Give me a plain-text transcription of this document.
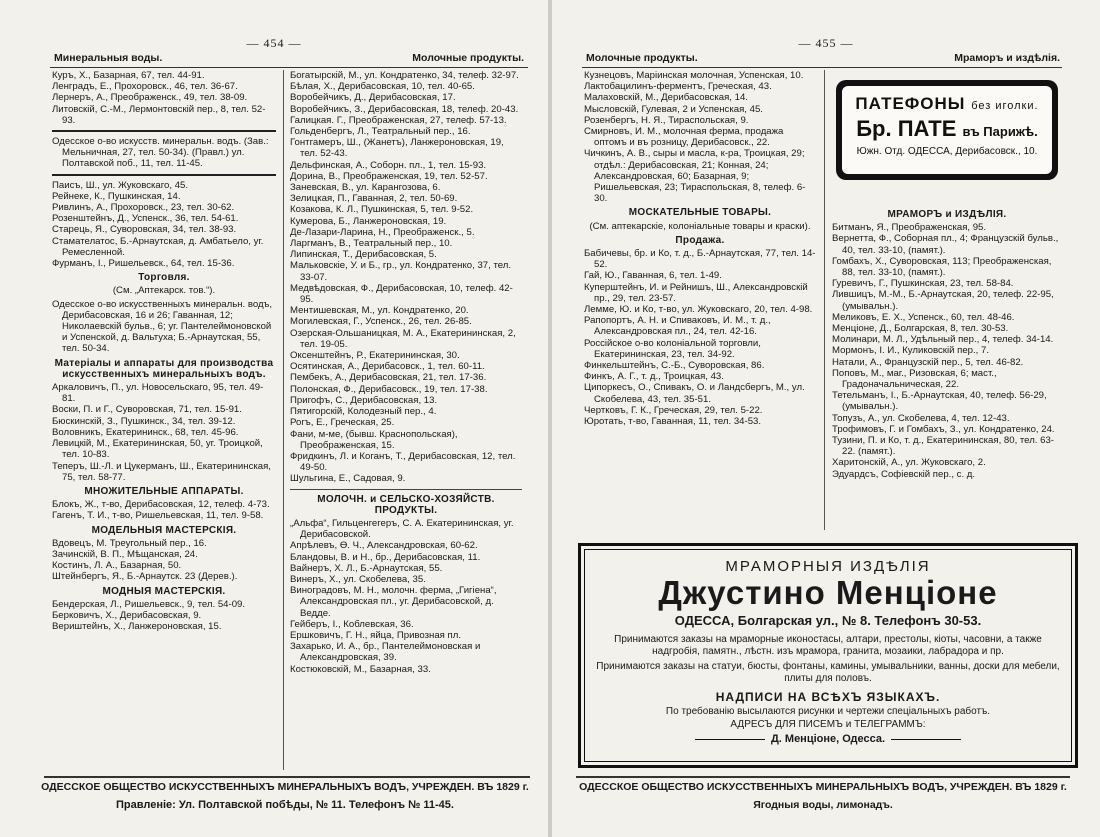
— 454 —
Минеральныя воды.	Молочные продукты.

Куръ, Х., Базарная, 67, тел. 44-91.

Ленградъ, Е., Прохоровск., 46, тел. 36-67.

Лернеръ, А., Преображенск., 49, тел. 38-09.

Литовскій, С.-М., Лермонтовскій пер., 8, тел. 52-93.

Одесское о-во искусств. минеральн. водъ. (Зав.: Мельничная, 27, тел. 50-34). (Правл.) ул. Полтавской поб., 11, тел. 11-45.

Паисъ, Ш., ул. Жуковскаго, 45.

Рейнеке, К., Пушкинская, 14.

Ривлинъ, А., Прохоровск., 23, тел. 30-62.

Розенштейнъ, Д., Успенск., 36, тел. 54-61.

Старець, Я., Суворовская, 34, тел. 38-93.

Стамателатос, Б.-Арнаутская, д. Амбатьело, уг. Ремесленной.

Фурманъ, І., Ришельевск., 64, тел. 15-36.

Торговля.

(См. „Аптекарск. тов.“).

Одесское о-во искусственныхъ минеральн. водъ, Дерибасовская, 16 и 26; Гаванная, 12; Николаевскій бульв., 6; уг. Пантелеймоновской и Успенской, д. Вальтуха; Б.-Арнаутская, 55, тел. 50-34.

Матеріалы и аппараты для производства искусственныхъ минеральныхъ водъ.

Аркаловичъ, П., ул. Новосельскаго, 95, тел. 49-81.

Воски, П. и Г., Суворовская, 71, тел. 15-91.

Бюскинскій, З., Пушкинск., 34, тел. 39-12.

Воловникъ, Екатерининск., 68, тел. 45-96.

Левицкій, М., Екатерининская, 50, уг. Троицкой, тел. 10-83.

Теперъ, Ш.-Л. и Цукерманъ, Ш., Екатерининская, 75, тел. 58-77.

МНОЖИТЕЛЬНЫЕ АППАРАТЫ.

Блокъ, Ж., т-во, Дерибасовская, 12, телеф. 4-73.

Гагенъ, Т. И., т-во, Ришельевская, 11, тел. 9-58.

МОДЕЛЬНЫЯ МАСТЕРСКІЯ.

Вдовецъ, М. Треугольный пер., 16.

Зачинскій, В. П., Мѣщанская, 24.

Костинъ, Л. А., Базарная, 50.

Штейнбергъ, Я., Б.-Арнаутск. 23 (Дерев.).

МОДНЫЯ МАСТЕРСКІЯ.

Бендерская, Л., Ришельевск., 9, тел. 54-09.

Берковичъ, Х., Дерибасовская, 9.

Вериштейнъ, Х., Ланжероновская, 15.

Богатырскій, М., ул. Кондратенко, 34, телеф. 32-97.

Бѣлая, Х., Дерибасовская, 10, тел. 40-65.

Воробейчикъ, Д., Дерибасовская, 17.

Воробейчикъ, З., Дерибасовская, 18, телеф. 20-43.

Галицкая. Г., Преображенская, 27, телеф. 57-13.

Гольденбергъ, Л., Театральный пер., 16.

Гонтгамеръ, Ш., (Жанетъ), Ланжероновская, 19, тел. 52-43.

Дельфинская, А., Соборн. пл., 1, тел. 15-93.

Дорина, В., Преображенская, 19, тел. 52-57.

Заневская, В., ул. Карангозова, 6.

Зелицкая, П., Гаванная, 2, тел. 50-69.

Козакова, К. Л., Пушкинская, 5, тел. 9-52.

Кумерова, Б., Ланжероновская, 19.

Де-Лазари-Ларина, Н., Преображенск., 5.

Ларгманъ, В., Театральный пер., 10.

Липинская, Т., Дерибасовская, 5.

Мальковскіе, У. и Б., гр., ул. Кондратенко, 37, тел. 33-07.

Медвѣдовская, Ф., Дерибасовская, 10, телеф. 42-95.

Ментишевская, М., ул. Кондратенко, 20.

Могилевская, Г., Успенск., 26, тел. 26-85.

Озерская-Ольшаницкая, М. А., Екатерининская, 2, тел. 19-05.

Оксенштейнъ, Р., Екатерининская, 30.

Осятинская, А., Дерибасовск., 1, тел. 60-11.

Пембекъ, А., Дерибасовская, 21, тел. 17-36.

Полонская, Ф., Дерибасовск., 19, тел. 17-38.

Пригофъ, С., Дерибасовская, 13.

Пятигорскій, Колодезный пер., 4.

Рогъ, Е., Греческая, 25.

Фани, м-ме, (бывш. Краснопольская), Преображенская, 15.

Фридкинъ, Л. и Коганъ, Т., Дерибасовская, 12, тел. 49-50.

Шульгина, Е., Садовая, 9.

МОЛОЧН. и СЕЛЬСКО-ХОЗЯЙСТВ. ПРОДУКТЫ.

„Альфа“, Гильценгегеръ, С. А. Екатерининская, уг. Дерибасовской.

Апрѣлевъ, Ѳ. Ч., Александровская, 60-62.

Бландовы, В. и Н., бр., Дерибасовская, 11.

Вайнеръ, Х. Л., Б.-Арнаутская, 55.

Винеръ, Х., ул. Скобелева, 35.

Виноградовъ, М. Н., молочн. ферма, „Гигіена“, Александровская пл., уг. Дерибасовской, д. Ведде.

Гейберъ, І., Коблевская, 36.

Ершковичъ, Г. Н., яйца, Привозная пл.

Захарько, И. А., бр., Пантелеймоновская и Александровская, 39.

Костюковскій, М., Базарная, 33.

ОДЕССКОЕ ОБЩЕСТВО ИСКУССТВЕННЫХЪ МИНЕРАЛЬНЫХЪ ВОДЪ, УЧРЕЖДЕН. ВЪ 1829 г.
Правленіе: Ул. Полтавской побѣды, № 11. Телефонъ № 11-45.
— 455 —
Молочные продукты.	Мраморъ и издѣлія.

Кузнецовъ, Маріинская молочная, Успенская, 10.

Лактобацилинъ-ферментъ, Греческая, 43.

Малаховскій, М., Дерибасовская, 14.

Мысловскій, Гулевая, 2 и Успенская, 45.

Розенбергъ, Н. Я., Тираспольская, 9.

Смирновъ, И. М., молочная ферма, продажа оптомъ и въ розницу, Дерибасовск., 22.

Чичкинъ, А. В., сыры и масла, к-ра, Троицкая, 29; отдѣл.: Дерибасовская, 21; Конная, 24; Александровская, 60; Базарная, 9; Ришельевская, 23; Тираспольская, 8, телеф. 6-30.

МОСКАТЕЛЬНЫЕ ТОВАРЫ.

(См. аптекарскіе, колоніальные товары и краски).

Продажа.

Бабичевы, бр. и Ко, т. д., Б.-Арнаутская, 77, тел. 14-52.

Гай, Ю., Гаванная, 6, тел. 1-49.

Куперштейнъ, И. и Рейнишъ, Ш., Александровскій пр., 29, тел. 23-57.

Лемме, Ю. и Ко, т-во, ул. Жуковскаго, 20, тел. 4-98.

Рапопортъ, А. Н. и Спиваковъ, И. М., т. д., Александровская пл., 24, тел. 42-16.

Россійское о-во колоніальной торговли, Екатерининская, 23, тел. 34-92.

Финкельштейнъ, С.-Б., Суворовская, 86.

Финкъ, А. Г., т. д., Троицкая, 43.

Ципоркесъ, О., Спивакъ, О. и Ландсбергъ, М., ул. Скобелева, 43, тел. 35-51.

Чертковъ, Г. К., Греческая, 29, тел. 5-22.

Юротать, т-во, Гаванная, 11, тел. 34-53.

ПАТЕФОНЫ без иголки.
Бр. ПАТЕ въ Парижѣ.
Южн. Отд. ОДЕССА, Дерибасовск., 10.
МРАМОРЪ и ИЗДѢЛІЯ.

Битманъ, Я., Преображенская, 95.

Вернетта, Ф., Соборная пл., 4; Французскій бульв., 40, тел. 33-10, (памят.).

Гомбахъ, Х., Суворовская, 113; Преображенская, 88, тел. 33-10, (памят.).

Гуревичъ, Г., Пушкинская, 23, тел. 58-84.

Лившицъ, М.-М., Б.-Арнаутская, 20, телеф. 22-95, (умывальн.).

Меликовъ, Е. Х., Успенск., 60, тел. 48-46.

Менціоне, Д., Болгарская, 8, тел. 30-53.

Молинари, М. Л., Удѣльный пер., 4, телеф. 34-14.

Мормонъ, І. И., Куликовскій пер., 7.

Натали, А., Французскій пер., 5, тел. 46-82.

Поповъ, М., маг., Ризовская, 6; маст., Градоначальническая, 22.

Тетельманъ, І., Б.-Арнаутская, 40, телеф. 56-29, (умывальн.).

Топузъ, А., ул. Скобелева, 4, тел. 12-43.

Трофимовъ, Г. и Гомбахъ, З., ул. Кондратенко, 24.

Тузини, П. и Ко, т. д., Екатерининская, 80, тел. 63-22. (памят.).

Харитонскій, А., ул. Жуковскаго, 2.

Эдуардсъ, Софіевскій пер., с. д.

МРАМОРНЫЯ ИЗДѢЛІЯ
Джустино Менціоне
ОДЕССА, Болгарская ул., № 8. Телефонъ 30-53.
Принимаются заказы на мраморные иконостасы, алтари, престолы, кіоты, часовни, а также надгробія, памятн., лѣстн. изъ мрамора, гранита, мозаики, лабрадора и пр.
Принимаются заказы на статуи, бюсты, фонтаны, камины, умывальники, ванны, доски для мебели, плиты для половъ.
НАДПИСИ НА ВСѢХЪ ЯЗЫКАХЪ.
По требованію высылаются рисунки и чертежи спеціальныхъ работъ.
АДРЕСЪ ДЛЯ ПИСЕМЪ и ТЕЛЕГРАММЪ:
Д. Менціоне, Одесса.
ОДЕССКОЕ ОБЩЕСТВО ИСКУССТВЕННЫХЪ МИНЕРАЛЬНЫХЪ ВОДЪ, УЧРЕЖДЕН. ВЪ 1829 г.
Ягодныя воды, лимонадъ.
